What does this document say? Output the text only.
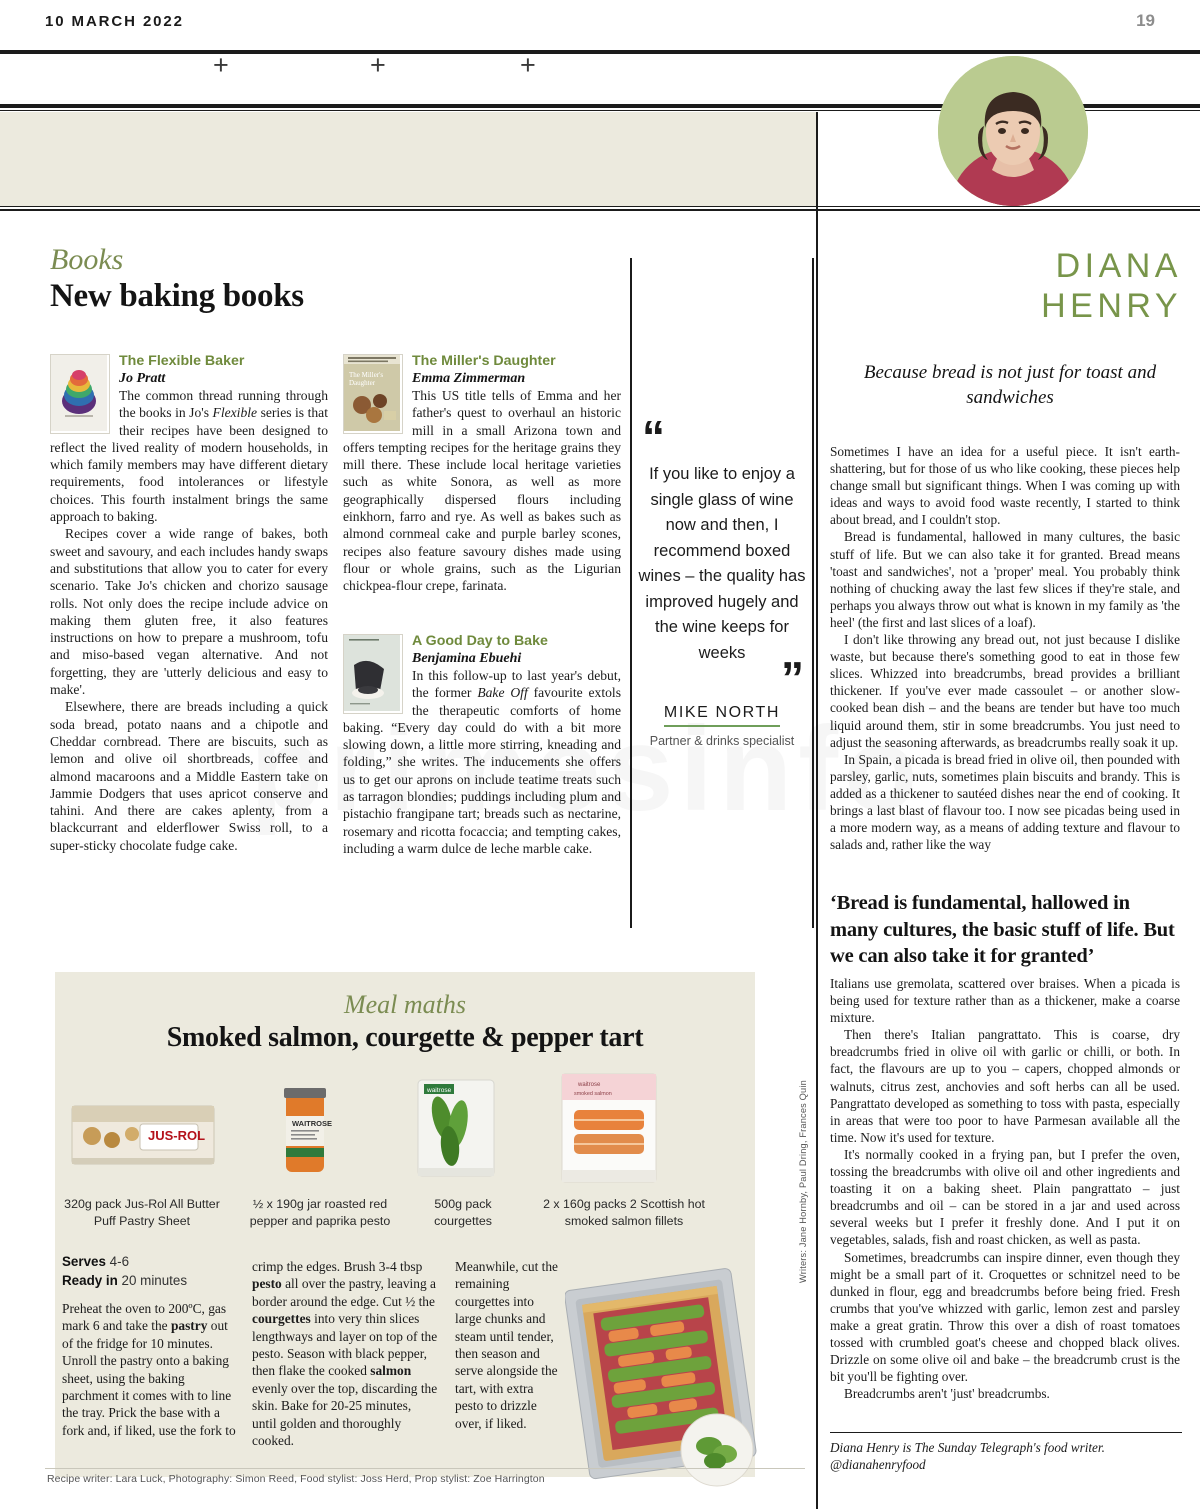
10 MARCH 2022	19
Books
New baking books
The Flexible Baker
Jo Pratt

The common thread running through the books in Jo's Flexible series is that their recipes have been designed to reflect the lived reality of modern households, in which family members may have different dietary requirements, food intolerances or lifestyle choices. This fourth instalment brings the same approach to baking.

Recipes cover a wide range of bakes, both sweet and savoury, and each includes handy swaps and substitutions that allow you to cater for every scenario. Take Jo's chicken and chorizo sausage rolls. Not only does the recipe include advice on making them gluten free, it also features instructions on how to prepare a mushroom, tofu and miso-based vegan alternative. And not forgetting, they are 'utterly delicious and easy to make'.

Elsewhere, there are breads including a quick soda bread, potato naans and a chipotle and Cheddar cornbread. There are biscuits, such as lemon and olive oil shortbreads, coffee and almond macaroons and a Middle Eastern take on Jammie Dodgers that uses apricot conserve and tahini. And there are cakes aplenty, from a blackcurrant and elderflower Swiss roll, to a super-sticky chocolate fudge cake.

The Miller's
Daughter
The Miller's Daughter
Emma Zimmerman

This US title tells of Emma and her father's quest to overhaul an historic mill in a small Arizona town and offers tempting recipes for the heritage grains they mill there. These include local heritage varieties such as white Sonora, as well as more geographically dispersed flours including einkhorn, farro and rye. As well as bakes such as almond cornmeal cake and purple barley scones, recipes also feature savoury dishes made using flour or whole grains, such as the Ligurian chickpea-flour crepe, farinata.

A Good Day to Bake
Benjamina Ebuehi

In this follow-up to last year's debut, the former Bake Off favourite extols the therapeutic comforts of home baking. “Every day could do with a bit more slowing down, a little more stirring, kneading and folding,” she writes. The inducements she offers us to get our aprons on include teatime treats such as tarragon blondies; puddings including plum and pistachio frangipane tart; breads such as nectarine, rosemary and ricotta focaccia; and tempting cakes, including a warm dulce de leche marble cake.

“
If you like to enjoy a single glass of wine now and then, I recommend boxed wines – the quality has improved hugely and the wine keeps for weeks ”
MIKE NORTH
Partner & drinks specialist
DIANA
HENRY
Because bread is not just for toast and sandwiches

Sometimes I have an idea for a useful piece. It isn't earth-shattering, but for those of us who like cooking, these pieces help change small but significant things. When I was coming up with ideas and ways to avoid food waste recently, I started to think about bread, and I couldn't stop.

Bread is fundamental, hallowed in many cultures, the basic stuff of life. But we can also take it for granted. Bread means 'toast and sandwiches', not a 'proper' meal. You probably think nothing of chucking away the last few slices if they're stale, and perhaps you always throw out what is known in my family as 'the heel' (the first and last slices of a loaf).

I don't like throwing any bread out, not just because I dislike waste, but because there's something good to eat in those few slices. Whizzed into breadcrumbs, bread provides a brilliant thickener. If you've ever made cassoulet – or another slow-cooked bean dish – and the beans are tender but have too much liquid around them, stir in some breadcrumbs. You just need to adjust the seasoning afterwards, as breadcrumbs really soak it up.

In Spain, a picada is bread fried in olive oil, then pounded with parsley, garlic, nuts, sometimes plain biscuits and brandy. This is added as a thickener to sautéed dishes near the end of cooking. It brings a last blast of flavour too. I now see picadas being used in a more modern way, as a means of adding texture and flavour to salads and, rather like the way

‘Bread is fundamental, hallowed in many cultures, the basic stuff of life. But we can also take it for granted’

Italians use gremolata, scattered over braises. When a picada is being used for texture rather than as a thickener, make a coarse mixture.

Then there's Italian pangrattato. This is coarse, dry breadcrumbs fried in olive oil with garlic or chilli, or both. In fact, the flavours are up to you – capers, chopped almonds or walnuts, citrus zest, anchovies and soft herbs can all be used. Pangrattato developed as something to toss with pasta, especially in areas that were too poor to have Parmesan available all the time. Now it's used for texture.

It's normally cooked in a frying pan, but I prefer the oven, tossing the breadcrumbs with olive oil and other ingredients and toasting it on a baking sheet. Plain pangrattato – just breadcrumbs and oil – can be stored in a jar and used across several weeks but I prefer it freshly done. And I put it on vegetables, salads, fish and roast chicken, as well as pasta.

Sometimes, breadcrumbs can inspire dinner, even though they might be a small part of it. Croquettes or schnitzel need to be dunked in flour, egg and breadcrumbs before being fried. Fresh crumbs that you've whizzed with garlic, lemon zest and parsley make a great gratin. Throw this over a dish of roast tomatoes tossed with crumbled goat's cheese and chopped black olives. Drizzle on some olive oil and bake – the breadcrumb crust is the bit you'll be fighting over.

Breadcrumbs aren't 'just' breadcrumbs.

Diana Henry is The Sunday Telegraph's food writer.
@dianahenryfood
Writers: Jane Hornby, Paul Dring, Frances Quin
Meal maths
Smoked salmon, courgette & pepper tart
JUS-ROL
+
WAITROSE
+
waitrose
+
waitrose
smoked salmon
320g pack Jus-Rol All Butter Puff Pastry Sheet
½ x 190g jar roasted red pepper and paprika pesto
500g pack courgettes
2 x 160g packs 2 Scottish hot smoked salmon fillets
Serves 4-6
Ready in 20 minutes

Preheat the oven to 200ºC, gas mark 6 and take the pastry out of the fridge for 10 minutes. Unroll the pastry onto a baking sheet, using the baking parchment it comes with to line the tray. Prick the base with a fork and, if liked, use the fork to

crimp the edges. Brush 3-4 tbsp pesto all over the pastry, leaving a border around the edge. Cut ½ the courgettes into very thin slices lengthways and layer on top of the pesto. Season with black pepper, then flake the cooked salmon evenly over the top, discarding the skin. Bake for 20-25 minutes, until golden and thoroughly cooked.

Meanwhile, cut the remaining courgettes into large chunks and steam until tender, then season and serve alongside the tart, with extra pesto to drizzle over, if liked.

Recipe writer: Lara Luck, Photography: Simon Reed, Food stylist: Joss Herd, Prop stylist: Zoe Harrington
